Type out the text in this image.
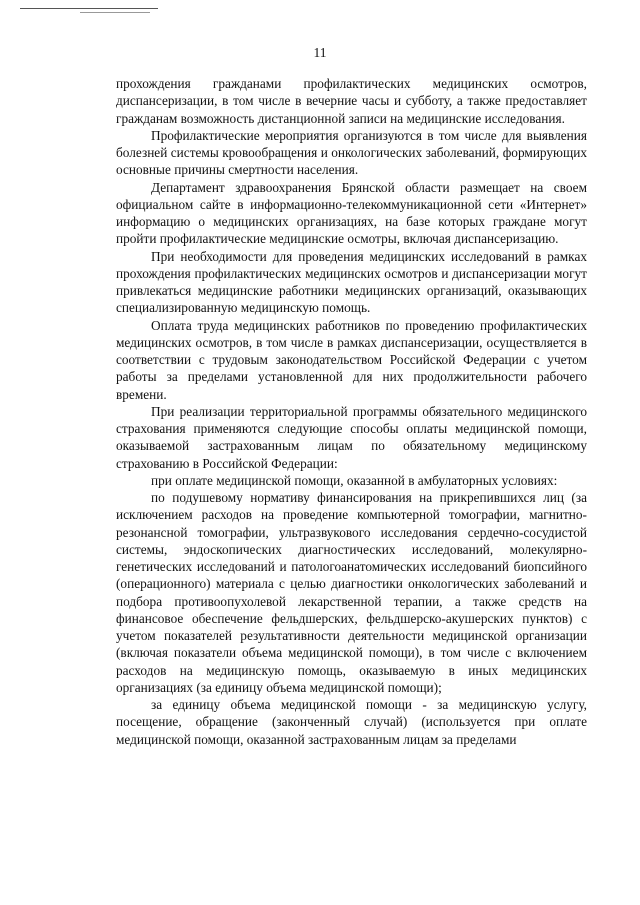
11

прохождения гражданами профилактических медицинских осмотров, диспансеризации, в том числе в вечерние часы и субботу, а также предоставляет гражданам возможность дистанционной записи на медицинские исследования.

Профилактические мероприятия организуются в том числе для выявления болезней системы кровообращения и онкологических заболеваний, формирующих основные причины смертности населения.

Департамент здравоохранения Брянской области размещает на своем официальном сайте в информационно-телекоммуникационной сети «Интернет» информацию о медицинских организациях, на базе которых граждане могут пройти профилактические медицинские осмотры, включая диспансеризацию.

При необходимости для проведения медицинских исследований в рамках прохождения профилактических медицинских осмотров и диспансеризации могут привлекаться медицинские работники медицинских организаций, оказывающих специализированную медицинскую помощь.

Оплата труда медицинских работников по проведению профилактических медицинских осмотров, в том числе в рамках диспансеризации, осуществляется в соответствии с трудовым законодательством Российской Федерации с учетом работы за пределами установленной для них продолжительности рабочего времени.

При реализации территориальной программы обязательного медицинского страхования применяются следующие способы оплаты медицинской помощи, оказываемой застрахованным лицам по обязательному медицинскому страхованию в Российской Федерации:

при оплате медицинской помощи, оказанной в амбулаторных условиях:

по подушевому нормативу финансирования на прикрепившихся лиц (за исключением расходов на проведение компьютерной томографии, магнитно-резонансной томографии, ультразвукового исследования сердечно-сосудистой системы, эндоскопических диагностических исследований, молекулярно-генетических исследований и патологоанатомических исследований биопсийного (операционного) материала с целью диагностики онкологических заболеваний и подбора противоопухолевой лекарственной терапии, а также средств на финансовое обеспечение фельдшерских, фельдшерско-акушерских пунктов) с учетом показателей результативности деятельности медицинской организации (включая показатели объема медицинской помощи), в том числе с включением расходов на медицинскую помощь, оказываемую в иных медицинских организациях (за единицу объема медицинской помощи);

за единицу объема медицинской помощи - за медицинскую услугу, посещение, обращение (законченный случай) (используется при оплате медицинской помощи, оказанной застрахованным лицам за пределами
